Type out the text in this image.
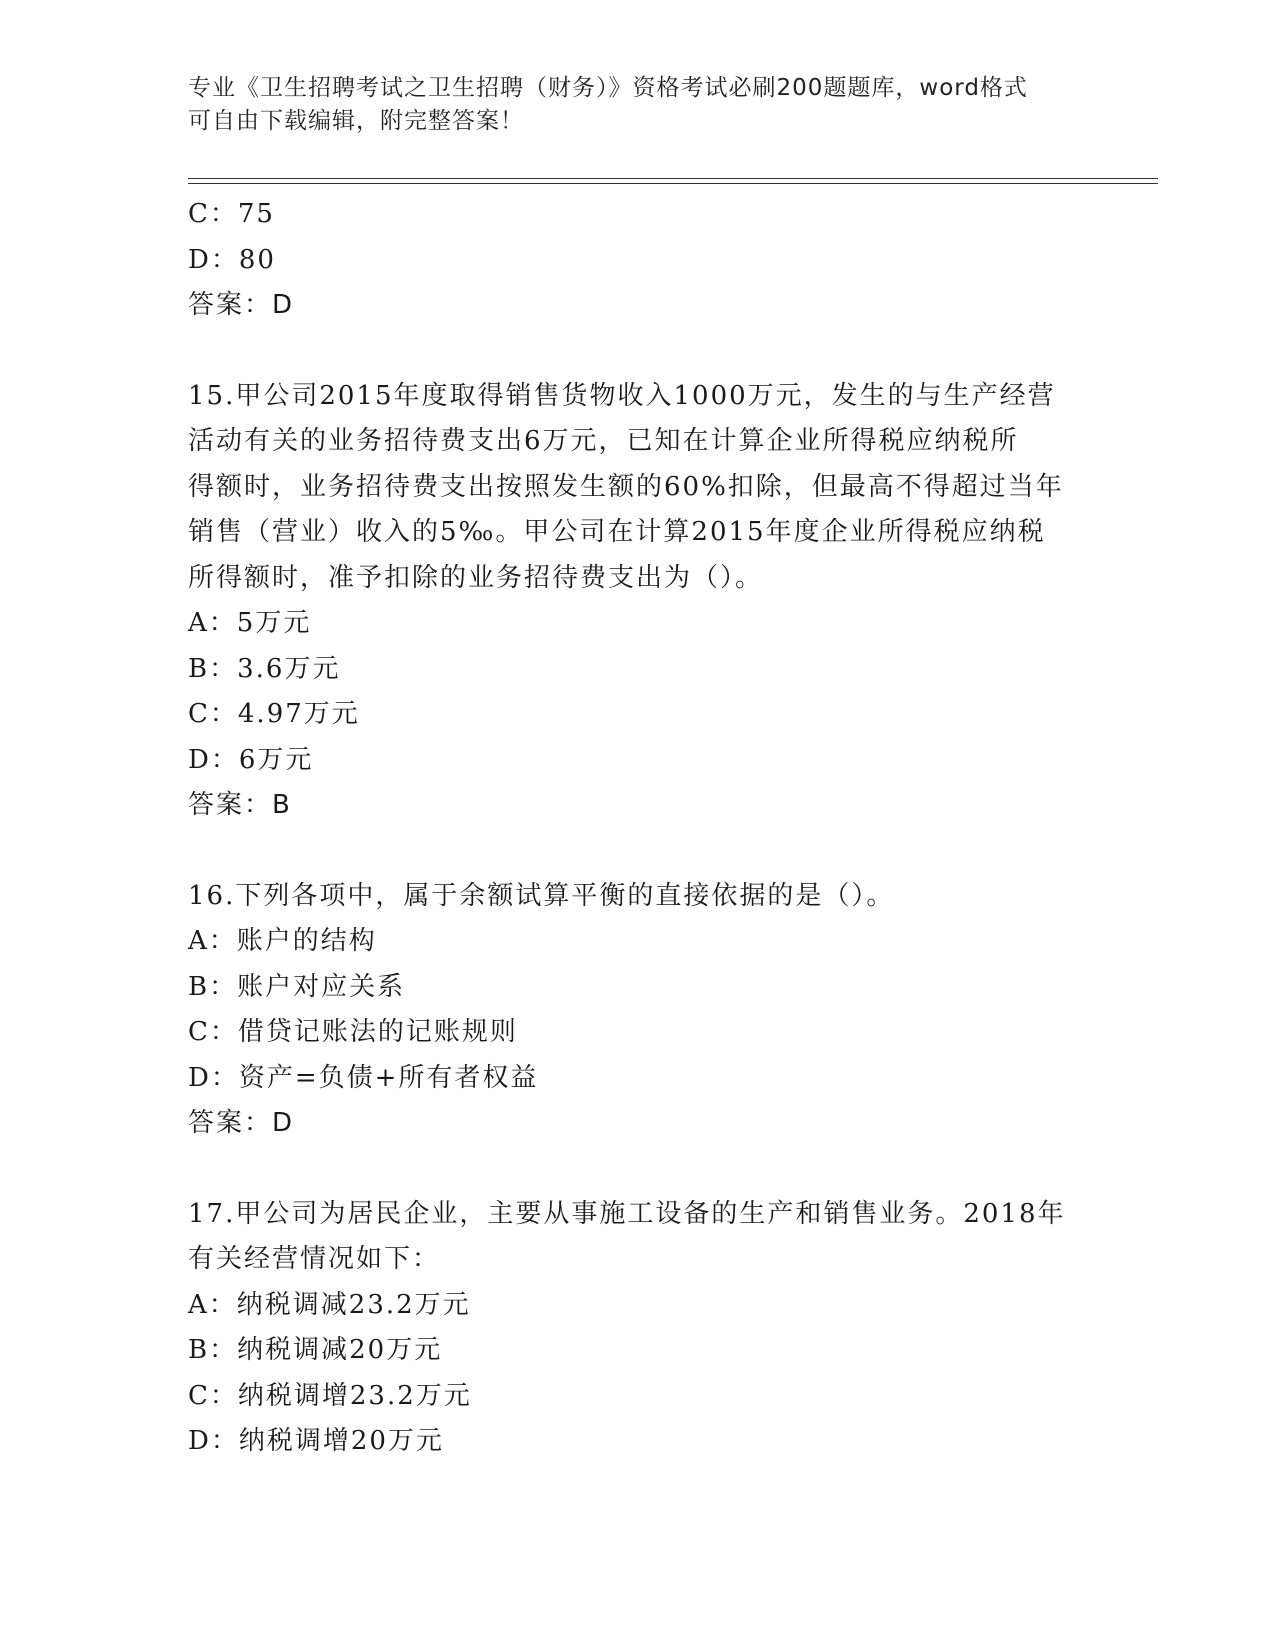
专业《卫生招聘考试之卫生招聘（财务）》资格考试必刷200题题库，word格式
可自由下载编辑，附完整答案！
C：75
D：80
答案：D
15.甲公司2015年度取得销售货物收入1000万元，发生的与生产经营
活动有关的业务招待费支出6万元，已知在计算企业所得税应纳税所
得额时，业务招待费支出按照发生额的60%扣除，但最高不得超过当年
销售（营业）收入的5‰。甲公司在计算2015年度企业所得税应纳税
所得额时，准予扣除的业务招待费支出为（）。
A：5万元
B：3.6万元
C：4.97万元
D：6万元
答案：B
16.下列各项中，属于余额试算平衡的直接依据的是（）。
A：账户的结构
B：账户对应关系
C：借贷记账法的记账规则
D：资产=负债+所有者权益
答案：D
17.甲公司为居民企业，主要从事施工设备的生产和销售业务。2018年
有关经营情况如下：
A：纳税调减23.2万元
B：纳税调减20万元
C：纳税调增23.2万元
D：纳税调增20万元
